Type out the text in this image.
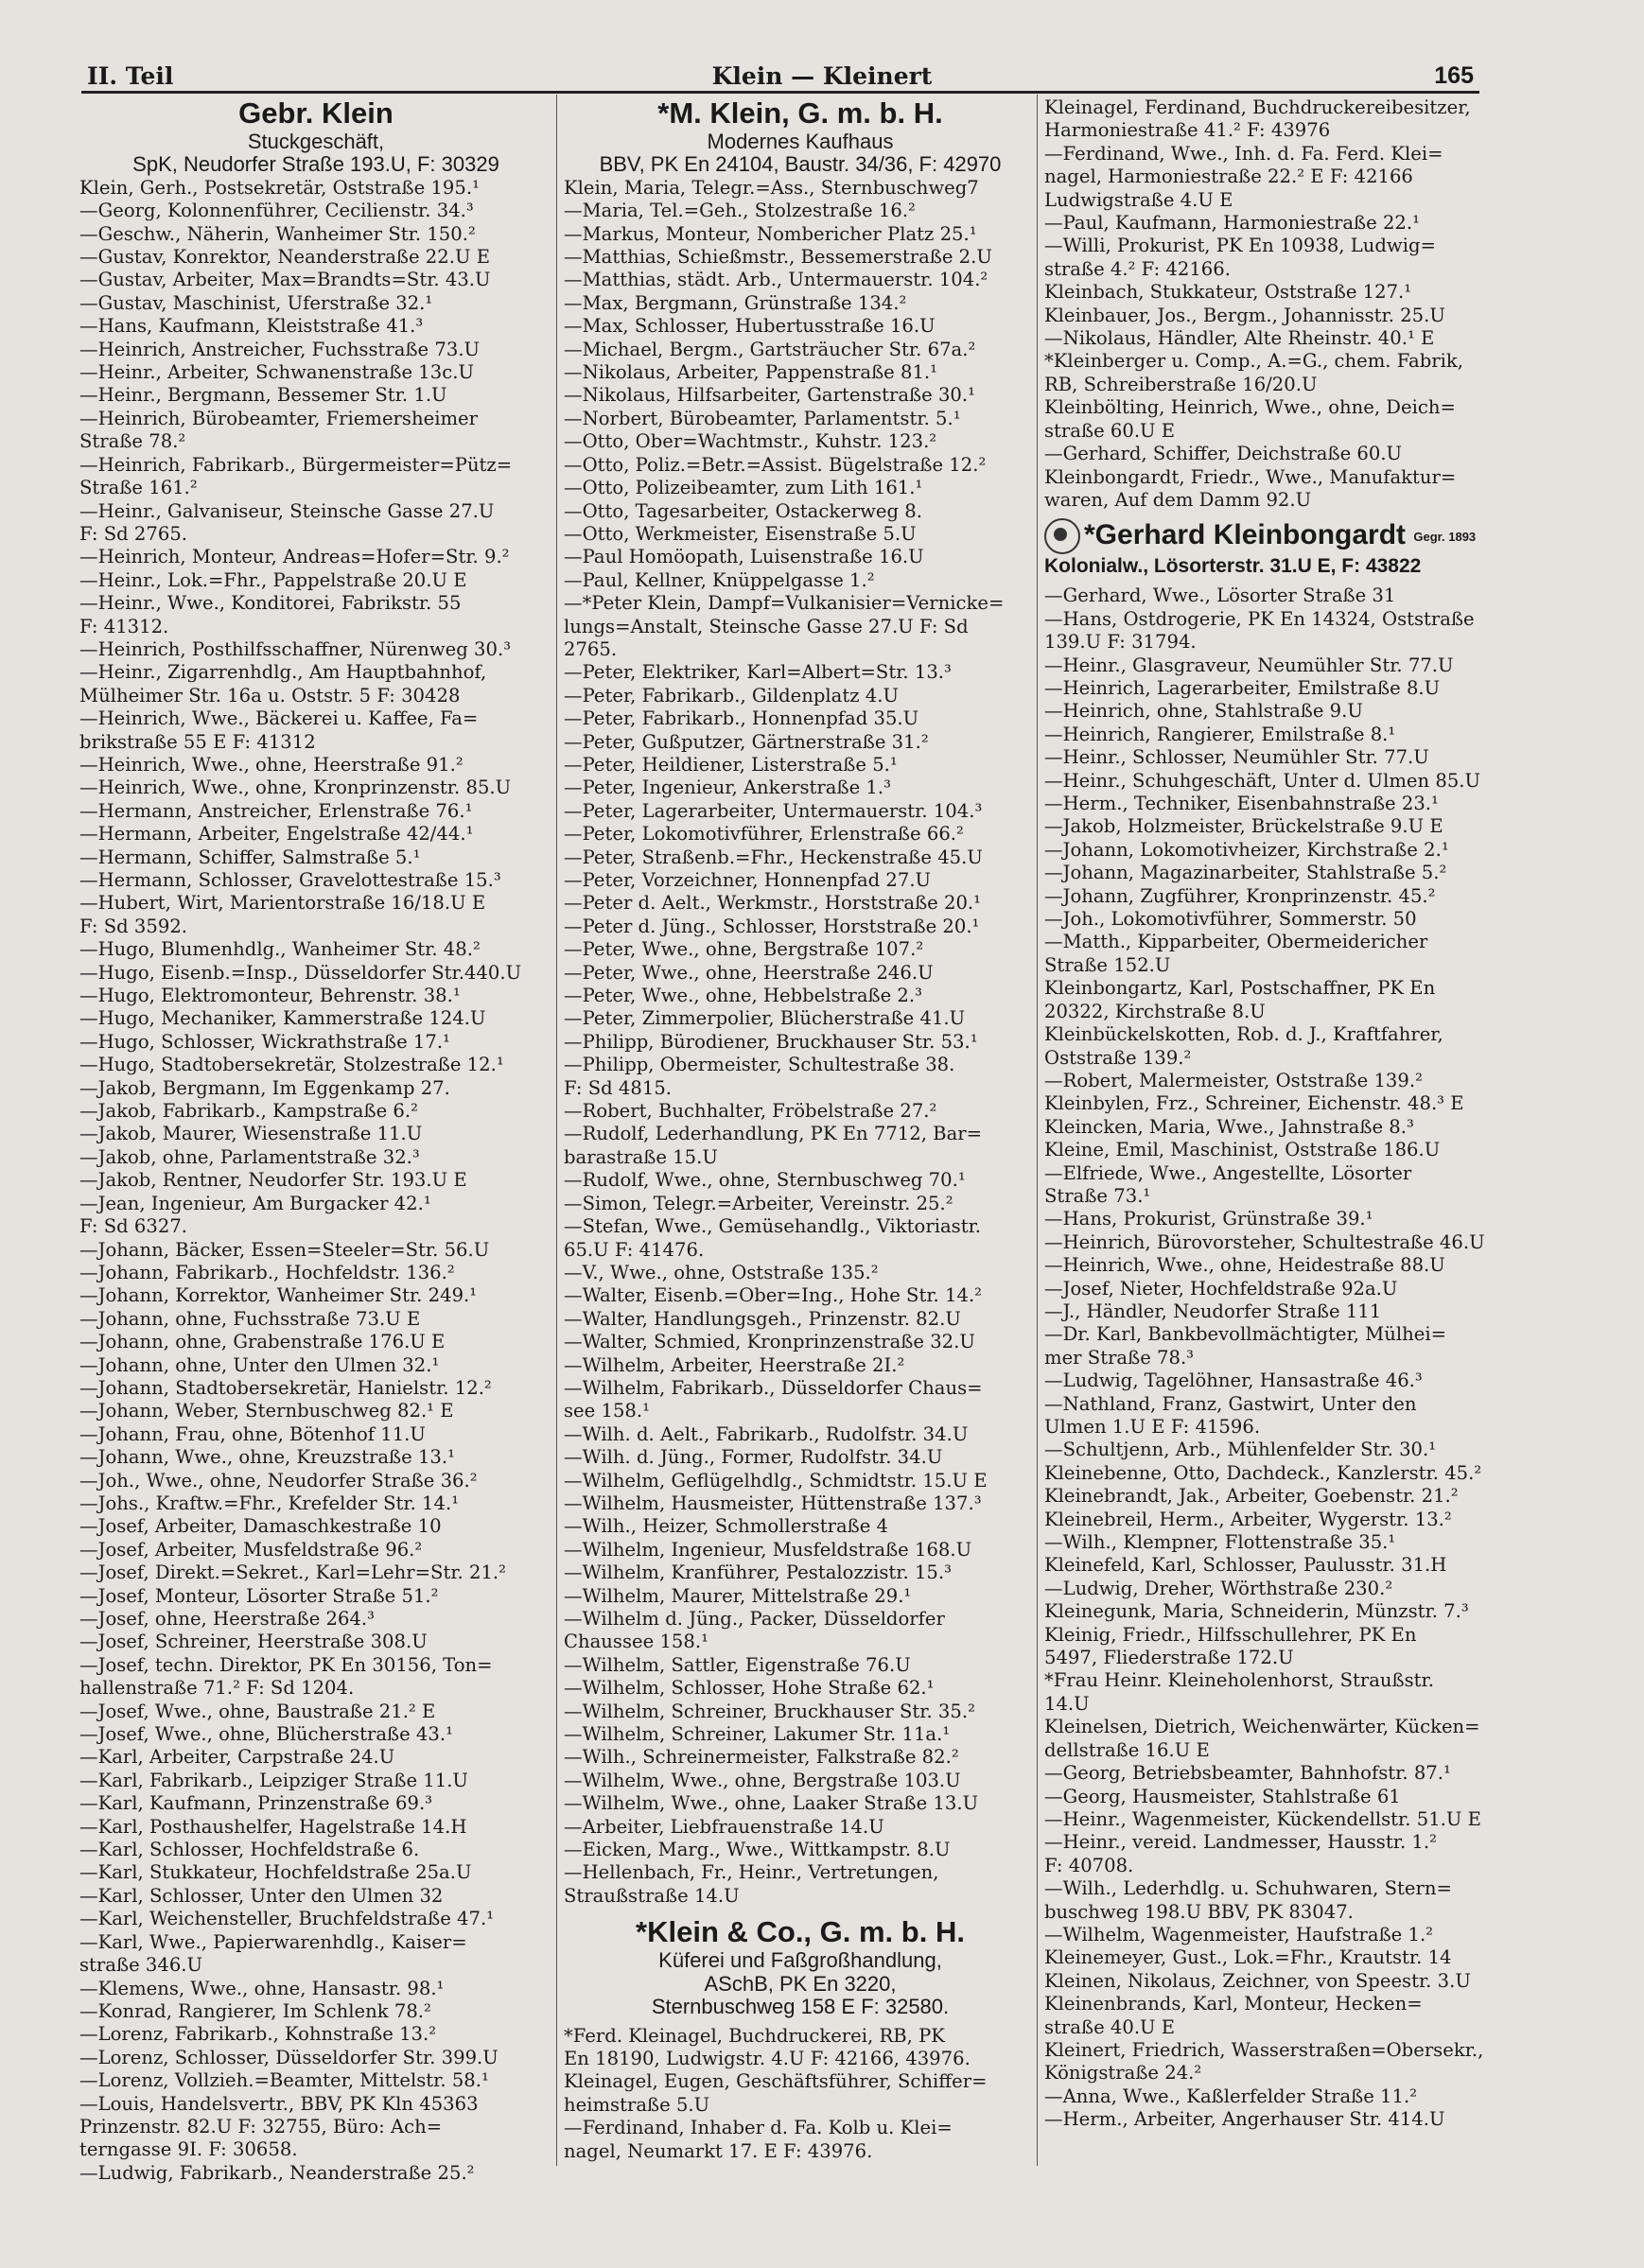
II. Teil	Klein — Kleinert	165
Gebr. Klein
Stuckgeschäft,
SpK, Neudorfer Straße 193.U, F: 30329
Klein, Gerh., Postsekretär, Oststraße 195.¹
—Georg, Kolonnenführer, Cecilienstr. 34.³
—Geschw., Näherin, Wanheimer Str. 150.²
—Gustav, Konrektor, Neanderstraße 22.U E
—Gustav, Arbeiter, Max=Brandts=Str. 43.U
—Gustav, Maschinist, Uferstraße 32.¹
—Hans, Kaufmann, Kleiststraße 41.³
—Heinrich, Anstreicher, Fuchsstraße 73.U
—Heinr., Arbeiter, Schwanenstraße 13c.U
—Heinr., Bergmann, Bessemer Str. 1.U
—Heinrich, Bürobeamter, Friemersheimer
Straße 78.²
—Heinrich, Fabrikarb., Bürgermeister=Pütz=
Straße 161.²
—Heinr., Galvaniseur, Steinsche Gasse 27.U
F: Sd 2765.
—Heinrich, Monteur, Andreas=Hofer=Str. 9.²
—Heinr., Lok.=Fhr., Pappelstraße 20.U E
—Heinr., Wwe., Konditorei, Fabrikstr. 55
F: 41312.
—Heinrich, Posthilfsschaffner, Nürenweg 30.³
—Heinr., Zigarrenhdlg., Am Hauptbahnhof,
Mülheimer Str. 16a u. Oststr. 5 F: 30428
—Heinrich, Wwe., Bäckerei u. Kaffee, Fa=
brikstraße 55 E F: 41312
—Heinrich, Wwe., ohne, Heerstraße 91.²
—Heinrich, Wwe., ohne, Kronprinzenstr. 85.U
—Hermann, Anstreicher, Erlenstraße 76.¹
—Hermann, Arbeiter, Engelstraße 42/44.¹
—Hermann, Schiffer, Salmstraße 5.¹
—Hermann, Schlosser, Gravelottestraße 15.³
—Hubert, Wirt, Marientorstraße 16/18.U E
F: Sd 3592.
—Hugo, Blumenhdlg., Wanheimer Str. 48.²
—Hugo, Eisenb.=Insp., Düsseldorfer Str.440.U
—Hugo, Elektromonteur, Behrenstr. 38.¹
—Hugo, Mechaniker, Kammerstraße 124.U
—Hugo, Schlosser, Wickrathstraße 17.¹
—Hugo, Stadtobersekretär, Stolzestraße 12.¹
—Jakob, Bergmann, Im Eggenkamp 27.
—Jakob, Fabrikarb., Kampstraße 6.²
—Jakob, Maurer, Wiesenstraße 11.U
—Jakob, ohne, Parlamentstraße 32.³
—Jakob, Rentner, Neudorfer Str. 193.U E
—Jean, Ingenieur, Am Burgacker 42.¹
F: Sd 6327.
—Johann, Bäcker, Essen=Steeler=Str. 56.U
—Johann, Fabrikarb., Hochfeldstr. 136.²
—Johann, Korrektor, Wanheimer Str. 249.¹
—Johann, ohne, Fuchsstraße 73.U E
—Johann, ohne, Grabenstraße 176.U E
—Johann, ohne, Unter den Ulmen 32.¹
—Johann, Stadtobersekretär, Hanielstr. 12.²
—Johann, Weber, Sternbuschweg 82.¹ E
—Johann, Frau, ohne, Bötenhof 11.U
—Johann, Wwe., ohne, Kreuzstraße 13.¹
—Joh., Wwe., ohne, Neudorfer Straße 36.²
—Johs., Kraftw.=Fhr., Krefelder Str. 14.¹
—Josef, Arbeiter, Damaschkestraße 10
—Josef, Arbeiter, Musfeldstraße 96.²
—Josef, Direkt.=Sekret., Karl=Lehr=Str. 21.²
—Josef, Monteur, Lösorter Straße 51.²
—Josef, ohne, Heerstraße 264.³
—Josef, Schreiner, Heerstraße 308.U
—Josef, techn. Direktor, PK En 30156, Ton=
hallenstraße 71.² F: Sd 1204.
—Josef, Wwe., ohne, Baustraße 21.² E
—Josef, Wwe., ohne, Blücherstraße 43.¹
—Karl, Arbeiter, Carpstraße 24.U
—Karl, Fabrikarb., Leipziger Straße 11.U
—Karl, Kaufmann, Prinzenstraße 69.³
—Karl, Posthaushelfer, Hagelstraße 14.H
—Karl, Schlosser, Hochfeldstraße 6.
—Karl, Stukkateur, Hochfeldstraße 25a.U
—Karl, Schlosser, Unter den Ulmen 32
—Karl, Weichensteller, Bruchfeldstraße 47.¹
—Karl, Wwe., Papierwarenhdlg., Kaiser=
straße 346.U
—Klemens, Wwe., ohne, Hansastr. 98.¹
—Konrad, Rangierer, Im Schlenk 78.²
—Lorenz, Fabrikarb., Kohnstraße 13.²
—Lorenz, Schlosser, Düsseldorfer Str. 399.U
—Lorenz, Vollzieh.=Beamter, Mittelstr. 58.¹
—Louis, Handelsvertr., BBV, PK Kln 45363
Prinzenstr. 82.U F: 32755, Büro: Ach=
terngasse 9I. F: 30658.
—Ludwig, Fabrikarb., Neanderstraße 25.²
*M. Klein, G. m. b. H.
Modernes Kaufhaus
BBV, PK En 24104, Baustr. 34/36, F: 42970
Klein, Maria, Telegr.=Ass., Sternbuschweg7
—Maria, Tel.=Geh., Stolzestraße 16.²
—Markus, Monteur, Nombericher Platz 25.¹
—Matthias, Schießmstr., Bessemerstraße 2.U
—Matthias, städt. Arb., Untermauerstr. 104.²
—Max, Bergmann, Grünstraße 134.²
—Max, Schlosser, Hubertusstraße 16.U
—Michael, Bergm., Gartsträucher Str. 67a.²
—Nikolaus, Arbeiter, Pappenstraße 81.¹
—Nikolaus, Hilfsarbeiter, Gartenstraße 30.¹
—Norbert, Bürobeamter, Parlamentstr. 5.¹
—Otto, Ober=Wachtmstr., Kuhstr. 123.²
—Otto, Poliz.=Betr.=Assist. Bügelstraße 12.²
—Otto, Polizeibeamter, zum Lith 161.¹
—Otto, Tagesarbeiter, Ostackerweg 8.
—Otto, Werkmeister, Eisenstraße 5.U
—Paul Homöopath, Luisenstraße 16.U
—Paul, Kellner, Knüppelgasse 1.²
—*Peter Klein, Dampf=Vulkanisier=Vernicke=
lungs=Anstalt, Steinsche Gasse 27.U F: Sd
2765.
—Peter, Elektriker, Karl=Albert=Str. 13.³
—Peter, Fabrikarb., Gildenplatz 4.U
—Peter, Fabrikarb., Honnenpfad 35.U
—Peter, Gußputzer, Gärtnerstraße 31.²
—Peter, Heildiener, Listerstraße 5.¹
—Peter, Ingenieur, Ankerstraße 1.³
—Peter, Lagerarbeiter, Untermauerstr. 104.³
—Peter, Lokomotivführer, Erlenstraße 66.²
—Peter, Straßenb.=Fhr., Heckenstraße 45.U
—Peter, Vorzeichner, Honnenpfad 27.U
—Peter d. Aelt., Werkmstr., Horststraße 20.¹
—Peter d. Jüng., Schlosser, Horststraße 20.¹
—Peter, Wwe., ohne, Bergstraße 107.²
—Peter, Wwe., ohne, Heerstraße 246.U
—Peter, Wwe., ohne, Hebbelstraße 2.³
—Peter, Zimmerpolier, Blücherstraße 41.U
—Philipp, Bürodiener, Bruckhauser Str. 53.¹
—Philipp, Obermeister, Schultestraße 38.
F: Sd 4815.
—Robert, Buchhalter, Fröbelstraße 27.²
—Rudolf, Lederhandlung, PK En 7712, Bar=
barastraße 15.U
—Rudolf, Wwe., ohne, Sternbuschweg 70.¹
—Simon, Telegr.=Arbeiter, Vereinstr. 25.²
—Stefan, Wwe., Gemüsehandlg., Viktoriastr.
65.U F: 41476.
—V., Wwe., ohne, Oststraße 135.²
—Walter, Eisenb.=Ober=Ing., Hohe Str. 14.²
—Walter, Handlungsgeh., Prinzenstr. 82.U
—Walter, Schmied, Kronprinzenstraße 32.U
—Wilhelm, Arbeiter, Heerstraße 2I.²
—Wilhelm, Fabrikarb., Düsseldorfer Chaus=
see 158.¹
—Wilh. d. Aelt., Fabrikarb., Rudolfstr. 34.U
—Wilh. d. Jüng., Former, Rudolfstr. 34.U
—Wilhelm, Geflügelhdlg., Schmidtstr. 15.U E
—Wilhelm, Hausmeister, Hüttenstraße 137.³
—Wilh., Heizer, Schmollerstraße 4
—Wilhelm, Ingenieur, Musfeldstraße 168.U
—Wilhelm, Kranführer, Pestalozzistr. 15.³
—Wilhelm, Maurer, Mittelstraße 29.¹
—Wilhelm d. Jüng., Packer, Düsseldorfer
Chaussee 158.¹
—Wilhelm, Sattler, Eigenstraße 76.U
—Wilhelm, Schlosser, Hohe Straße 62.¹
—Wilhelm, Schreiner, Bruckhauser Str. 35.²
—Wilhelm, Schreiner, Lakumer Str. 11a.¹
—Wilh., Schreinermeister, Falkstraße 82.²
—Wilhelm, Wwe., ohne, Bergstraße 103.U
—Wilhelm, Wwe., ohne, Laaker Straße 13.U
—Arbeiter, Liebfrauenstraße 14.U
—Eicken, Marg., Wwe., Wittkampstr. 8.U
—Hellenbach, Fr., Heinr., Vertretungen,
Straußstraße 14.U
*Klein & Co., G. m. b. H.
Küferei und Faßgroßhandlung,
ASchB, PK En 3220,
Sternbuschweg 158 E F: 32580.
*Ferd. Kleinagel, Buchdruckerei, RB, PK
En 18190, Ludwigstr. 4.U F: 42166, 43976.
Kleinagel, Eugen, Geschäftsführer, Schiffer=
heimstraße 5.U
—Ferdinand, Inhaber d. Fa. Kolb u. Klei=
nagel, Neumarkt 17. E F: 43976.
Kleinagel, Ferdinand, Buchdruckereibesitzer,
Harmoniestraße 41.² F: 43976
—Ferdinand, Wwe., Inh. d. Fa. Ferd. Klei=
nagel, Harmoniestraße 22.² E F: 42166
Ludwigstraße 4.U E
—Paul, Kaufmann, Harmoniestraße 22.¹
—Willi, Prokurist, PK En 10938, Ludwig=
straße 4.² F: 42166.
Kleinbach, Stukkateur, Oststraße 127.¹
Kleinbauer, Jos., Bergm., Johannisstr. 25.U
—Nikolaus, Händler, Alte Rheinstr. 40.¹ E
*Kleinberger u. Comp., A.=G., chem. Fabrik,
RB, Schreiberstraße 16/20.U
Kleinbölting, Heinrich, Wwe., ohne, Deich=
straße 60.U E
—Gerhard, Schiffer, Deichstraße 60.U
Kleinbongardt, Friedr., Wwe., Manufaktur=
waren, Auf dem Damm 92.U
*Gerhard Kleinbongardt Gegr. 1893
Kolonialw., Lösorterstr. 31.U E, F: 43822
—Gerhard, Wwe., Lösorter Straße 31
—Hans, Ostdrogerie, PK En 14324, Oststraße
139.U F: 31794.
—Heinr., Glasgraveur, Neumühler Str. 77.U
—Heinrich, Lagerarbeiter, Emilstraße 8.U
—Heinrich, ohne, Stahlstraße 9.U
—Heinrich, Rangierer, Emilstraße 8.¹
—Heinr., Schlosser, Neumühler Str. 77.U
—Heinr., Schuhgeschäft, Unter d. Ulmen 85.U
—Herm., Techniker, Eisenbahnstraße 23.¹
—Jakob, Holzmeister, Brückelstraße 9.U E
—Johann, Lokomotivheizer, Kirchstraße 2.¹
—Johann, Magazinarbeiter, Stahlstraße 5.²
—Johann, Zugführer, Kronprinzenstr. 45.²
—Joh., Lokomotivführer, Sommerstr. 50
—Matth., Kipparbeiter, Obermeidericher
Straße 152.U
Kleinbongartz, Karl, Postschaffner, PK En
20322, Kirchstraße 8.U
Kleinbückelskotten, Rob. d. J., Kraftfahrer,
Oststraße 139.²
—Robert, Malermeister, Oststraße 139.²
Kleinbylen, Frz., Schreiner, Eichenstr. 48.³ E
Kleincken, Maria, Wwe., Jahnstraße 8.³
Kleine, Emil, Maschinist, Oststraße 186.U
—Elfriede, Wwe., Angestellte, Lösorter
Straße 73.¹
—Hans, Prokurist, Grünstraße 39.¹
—Heinrich, Bürovorsteher, Schultestraße 46.U
—Heinrich, Wwe., ohne, Heidestraße 88.U
—Josef, Nieter, Hochfeldstraße 92a.U
—J., Händler, Neudorfer Straße 111
—Dr. Karl, Bankbevollmächtigter, Mülhei=
mer Straße 78.³
—Ludwig, Tagelöhner, Hansastraße 46.³
—Nathland, Franz, Gastwirt, Unter den
Ulmen 1.U E F: 41596.
—Schultjenn, Arb., Mühlenfelder Str. 30.¹
Kleinebenne, Otto, Dachdeck., Kanzlerstr. 45.²
Kleinebrandt, Jak., Arbeiter, Goebenstr. 21.²
Kleinebreil, Herm., Arbeiter, Wygerstr. 13.²
—Wilh., Klempner, Flottenstraße 35.¹
Kleinefeld, Karl, Schlosser, Paulusstr. 31.H
—Ludwig, Dreher, Wörthstraße 230.²
Kleinegunk, Maria, Schneiderin, Münzstr. 7.³
Kleinig, Friedr., Hilfsschullehrer, PK En
5497, Fliederstraße 172.U
*Frau Heinr. Kleineholenhorst, Straußstr.
14.U
Kleinelsen, Dietrich, Weichenwärter, Kücken=
dellstraße 16.U E
—Georg, Betriebsbeamter, Bahnhofstr. 87.¹
—Georg, Hausmeister, Stahlstraße 61
—Heinr., Wagenmeister, Kückendellstr. 51.U E
—Heinr., vereid. Landmesser, Hausstr. 1.²
F: 40708.
—Wilh., Lederhdlg. u. Schuhwaren, Stern=
buschweg 198.U BBV, PK 83047.
—Wilhelm, Wagenmeister, Haufstraße 1.²
Kleinemeyer, Gust., Lok.=Fhr., Krautstr. 14
Kleinen, Nikolaus, Zeichner, von Speestr. 3.U
Kleinenbrands, Karl, Monteur, Hecken=
straße 40.U E
Kleinert, Friedrich, Wasserstraßen=Obersekr.,
Königstraße 24.²
—Anna, Wwe., Kaßlerfelder Straße 11.²
—Herm., Arbeiter, Angerhauser Str. 414.U
